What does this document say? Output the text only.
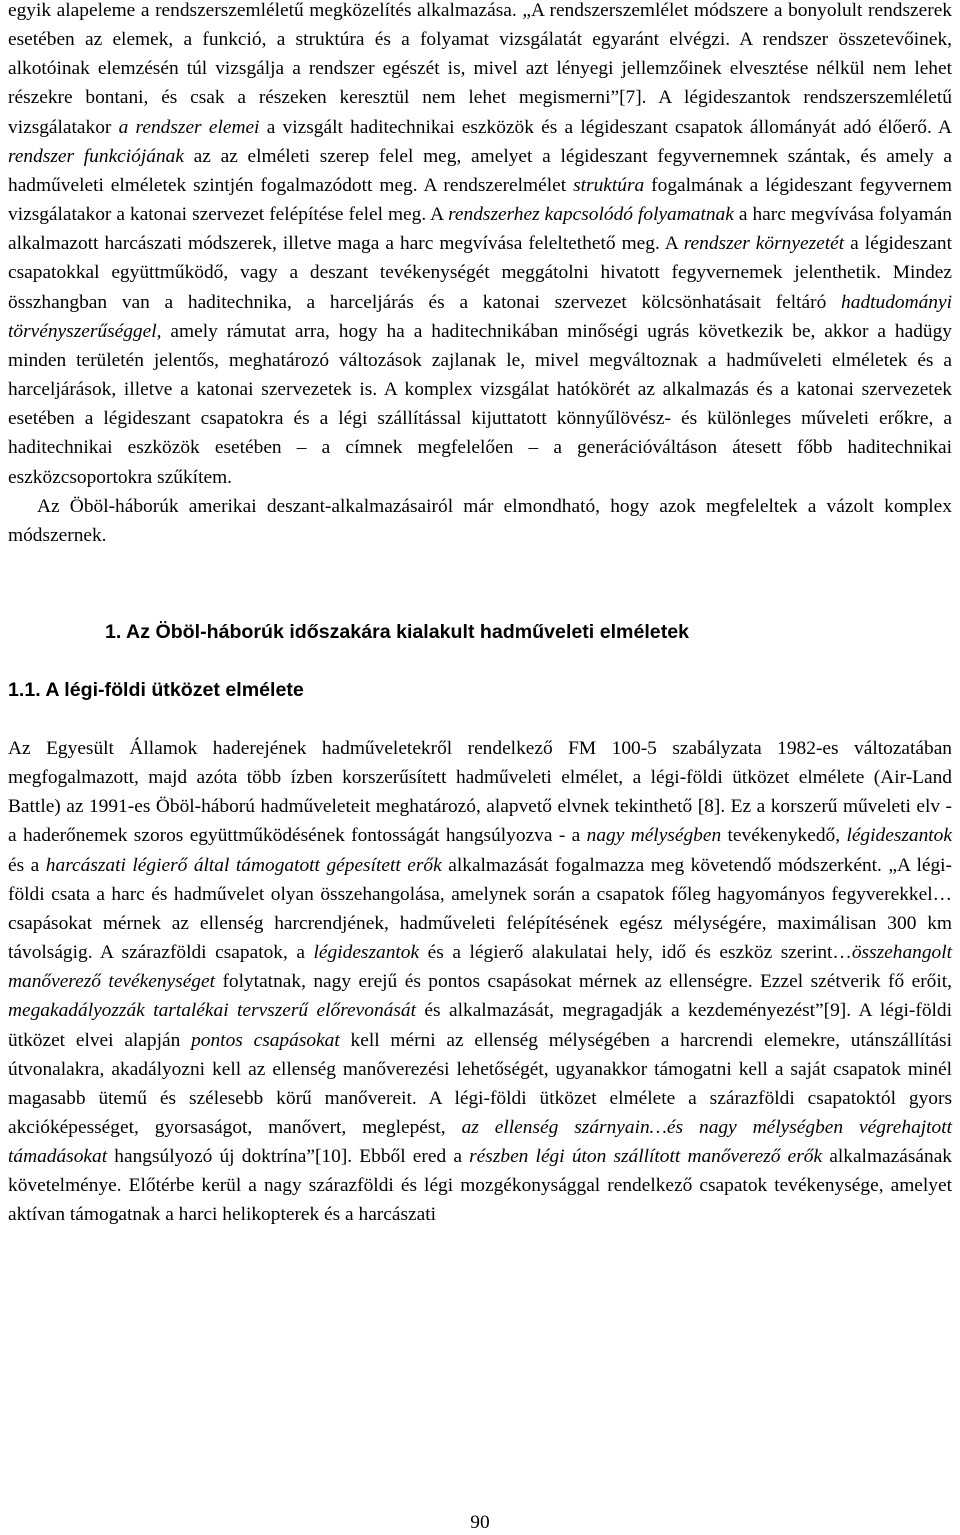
egyik alapeleme a rendszerszemléletű megközelítés alkalmazása. „A rendszerszemlélet módszere a bonyolult rendszerek esetében az elemek, a funkció, a struktúra és a folyamat vizsgálatát egyaránt elvégzi. A rendszer összetevőinek, alkotóinak elemzésén túl vizsgálja a rendszer egészét is, mivel azt lényegi jellemzőinek elvesztése nélkül nem lehet részekre bontani, és csak a részeken keresztül nem lehet megismerni”[7]. A légideszantok rendszerszemléletű vizsgálatakor a rendszer elemei a vizsgált haditechnikai eszközök és a légideszant csapatok állományát adó élőerő. A rendszer funkciójának az az elméleti szerep felel meg, amelyet a légideszant fegyvernemnek szántak, és amely a hadműveleti elméletek szintjén fogalmazódott meg. A rendszerelmélet struktúra fogalmának a légideszant fegyvernem vizsgálatakor a katonai szervezet felépítése felel meg. A rendszerhez kapcsolódó folyamatnak a harc megvívása folyamán alkalmazott harcászati módszerek, illetve maga a harc megvívása feleltethető meg. A rendszer környezetét a légideszant csapatokkal együttműködő, vagy a deszant tevékenységét meggátolni hivatott fegyvernemek jelenthetik. Mindez összhangban van a haditechnika, a harceljárás és a katonai szervezet kölcsönhatásait feltáró hadtudományi törvényszerűséggel, amely rámutat arra, hogy ha a haditechnikában minőségi ugrás következik be, akkor a hadügy minden területén jelentős, meghatározó változások zajlanak le, mivel megváltoznak a hadműveleti elméletek és a harceljárások, illetve a katonai szervezetek is. A komplex vizsgálat hatókörét az alkalmazás és a katonai szervezetek esetében a légideszant csapatokra és a légi szállítással kijuttatott könnyűlövész- és különleges műveleti erőkre, a haditechnikai eszközök esetében – a címnek megfelelően – a generációváltáson átesett főbb haditechnikai eszközcsoportokra szűkítem.

Az Öböl-háborúk amerikai deszant-alkalmazásairól már elmondható, hogy azok megfeleltek a vázolt komplex módszernek.

1. Az Öböl-háborúk időszakára kialakult hadműveleti elméletek
1.1. A légi-földi ütközet elmélete

Az Egyesült Államok haderejének hadműveletekről rendelkező FM 100-5 szabályzata 1982-es változatában megfogalmazott, majd azóta több ízben korszerűsített hadműveleti elmélet, a légi-földi ütközet elmélete (Air-Land Battle) az 1991-es Öböl-háború hadműveleteit meghatározó, alapvető elvnek tekinthető [8]. Ez a korszerű műveleti elv - a haderőnemek szoros együttműködésének fontosságát hangsúlyozva - a nagy mélységben tevékenykedő, légideszantok és a harcászati légierő által támogatott gépesített erők alkalmazását fogalmazza meg követendő módszerként. „A légi-földi csata a harc és hadművelet olyan összehangolása, amelynek során a csapatok főleg hagyományos fegyverekkel…csapásokat mérnek az ellenség harcrendjének, hadműveleti felépítésének egész mélységére, maximálisan 300 km távolságig. A szárazföldi csapatok, a légideszantok és a légierő alakulatai hely, idő és eszköz szerint…összehangolt manőverező tevékenységet folytatnak, nagy erejű és pontos csapásokat mérnek az ellenségre. Ezzel szétverik fő erőit, megakadályozzák tartalékai tervszerű előrevonását és alkalmazását, megragadják a kezdeményezést”[9]. A légi-földi ütközet elvei alapján pontos csapásokat kell mérni az ellenség mélységében a harcrendi elemekre, utánszállítási útvonalakra, akadályozni kell az ellenség manőverezési lehetőségét, ugyanakkor támogatni kell a saját csapatok minél magasabb ütemű és szélesebb körű manővereit. A légi-földi ütközet elmélete a szárazföldi csapatoktól gyors akcióképességet, gyorsaságot, manővert, meglepést, az ellenség szárnyain…és nagy mélységben végrehajtott támadásokat hangsúlyozó új doktrína”[10]. Ebből ered a részben légi úton szállított manőverező erők alkalmazásának követelménye. Előtérbe kerül a nagy szárazföldi és légi mozgékonysággal rendelkező csapatok tevékenysége, amelyet aktívan támogatnak a harci helikopterek és a harcászati

90
